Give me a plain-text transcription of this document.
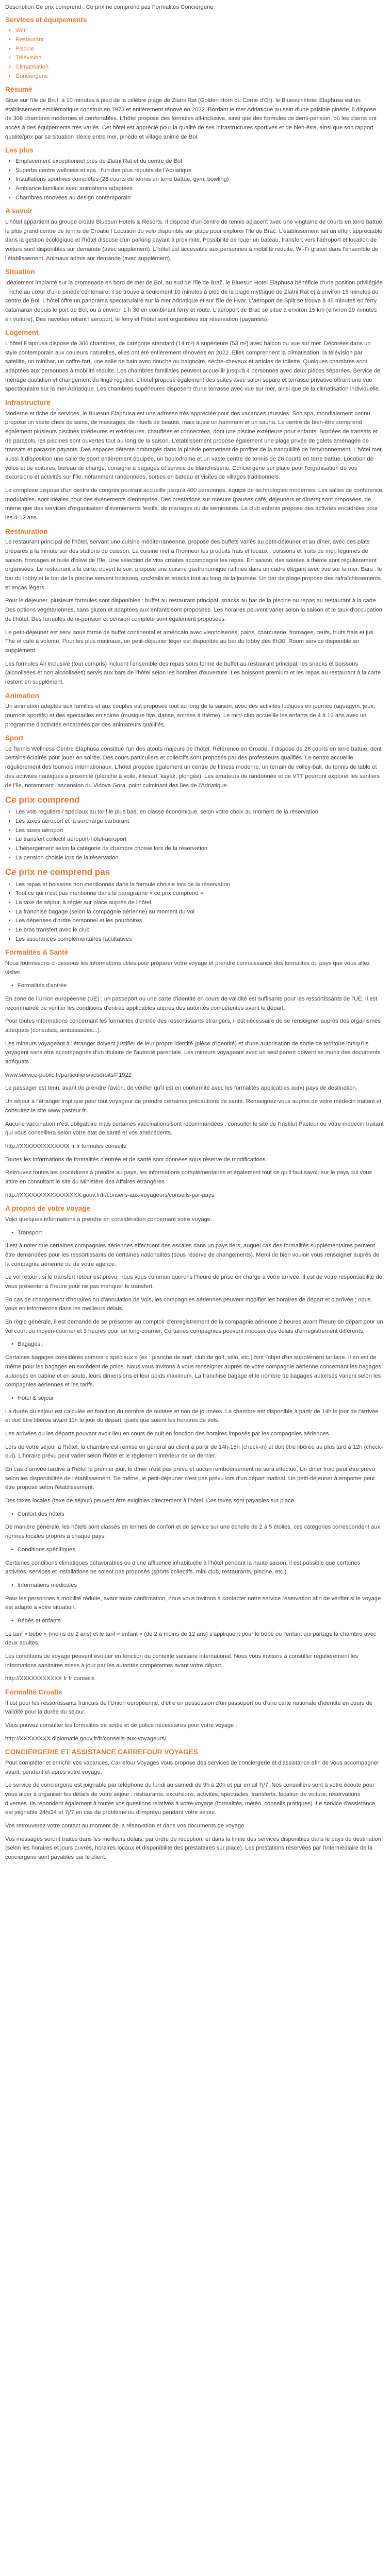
Description Ce prix comprend : Ce prix ne comprend pas Formalités Conciergerie

Services et équipements
• Wifi
• Restaurant
• Piscine
• Télévision
• Climatisation
• Conciergerie
Résumé

Situé sur l'île de Bruf, à 10 minutes à pied de la célèbre plage de Zlatni Rat (Golden Horn ou Corne d'Or), le Bluesun Hotel Elaphusa est un établissement emblématique construit en 1973 et entièrement rénové en 2022. Bordant le mer Adriatique au sein d'une paisible pinède, il dispose de 306 chambres modernes et confortables. L'hôtel propose des formules all-inclusive, ainsi que des formules de demi-pension, où les clients ont accès à des équipements très variés. Cet hôtel est apprécié pour la qualité de ses infrastructures sportives et de bien-être, ainsi que son rapport qualité/prix par sa situation idéale entre mer, pinède et village animé de Bol.

Les plus
• Emplacement exceptionnel près de Zlatni Rat et du centre de Bol
• Superbe centre wellness et spa : l'un des plus réputés de l'Adriatique
• Installations sportives complètes (26 courts de tennis en terre battue, gym, bowling)
• Ambiance familiale avec animations adaptées
• Chambres rénovées au design contemporain
A savoir

L'hôtel appartient au groupe croate Bluesun Hotels & Resorts. Il dispose d'un centre de tennis adjacent avec une vingtaine de courts en terre battue, le plus grand centre de tennis de Croatie ! Location du vélo disponible sur place pour explorer l'île de Brač. L'établissement fait un effort appréciable dans la gestion écologique et l'hôtel dispose d'un parking payant à proximité. Possibilité de louer un bateau, transfert vers l'aéroport et location de voiture sont disponibles sur demande (avec supplément). L'hôtel est accessible aux personnes à mobilité réduite. Wi-Fi gratuit dans l'ensemble de l'établissement. Animaux admis sur demande (avec supplément).

Situation

Idéalement implanté sur la promenade en bord de mer de Bol, au sud de l'île de Brač, le Bluesun Hotel Elaphusa bénéficie d'une position privilégiée : niché au cœur d'une pinède centenaire, il se trouve à seulement 10 minutes à pied de la plage mythique de Zlatni Rat et à environ 15 minutes du centre de Bol. L'hôtel offre un panorama spectaculaire sur la mer Adriatique et sur l'île de Hvar. L'aéroport de Split se trouve à 45 minutes en ferry catamaran depuis le port de Bol, ou à environ 1 h 30 en combinant ferry et route. L'aéroport de Brač se situe à environ 15 km (environ 20 minutes en voiture). Des navettes reliant l'aéroport, le ferry et l'hôtel sont organisées sur réservation (payantes).

Logement

L'hôtel Elaphusa dispose de 306 chambres, de catégorie standard (14 m²) à supérieure (53 m²) avec balcon ou vue sur mer. Décorées dans un style contemporain aux couleurs naturelles, elles ont été entièrement rénovées en 2022. Elles comprennent la climatisation, la télévision par satellite, un minibar, un coffre-fort, une salle de bain avec douche ou baignoire, sèche-cheveux et articles de toilette. Quelques chambres sont adaptées aux personnes à mobilité réduite. Les chambres familiales peuvent accueillir jusqu'à 4 personnes avec deux pièces séparées. Service de ménage quotidien et changement du linge régulier. L'hôtel propose également des suites avec salon séparé et terrasse privative offrant une vue spectaculaire sur la mer Adriatique. Les chambres supérieures disposent d'une terrasse avec vue sur mer, ainsi que de la climatisation individuelle.

Infrastructure

Moderne et riche de services, le Bluesun Elaphusa est une adresse très appréciée pour des vacances réussies. Son spa, mondialement connu, propose un vaste choix de soins, de massages, de rituels de beauté, mais aussi un hammam et un sauna. Le centre de bien-être comprend également plusieurs piscines intérieures et extérieures, chauffées et connectées, dont une piscine extérieure pour enfants. Bordées de transats et de parasols, les piscines sont ouvertes tout au long de la saison. L'établissement propose également une plage privée de galets aménagée de transats et parasols payants. Des espaces détente ombragés dans la pinède permettent de profiter de la tranquillité de l'environnement. L'hôtel met aussi à disposition une salle de sport entièrement équipée, un boulodrome et un vaste centre de tennis de 26 courts en terre battue. Location de vélos et de voitures, bureau de change, consigne à bagages et service de blanchisserie. Conciergerie sur place pour l'organisation de vos excursions et activités sur l'île, notamment randonnées, sorties en bateau et visites de villages traditionnels.

Le complexe dispose d'un centre de congrès pouvant accueillir jusqu'à 400 personnes, équipé de technologies modernes. Les salles de conférence, modulables, sont idéales pour des événements d'entreprise. Des prestations sur mesure (pauses café, déjeuners et dîners) sont proposées, de même que des services d'organisation d'événements festifs, de mariages ou de séminaires. Le club enfants propose des activités encadrées pour les 4-12 ans.

Restauration

Le restaurant principal de l'hôtel, servant une cuisine méditerranéenne, propose des buffets variés au petit-déjeuner et au dîner, avec des plats préparés à la minute sur des stations de cuisson. La cuisine met à l'honneur les produits frais et locaux : poissons et fruits de mer, légumes de saison, fromages et huile d'olive de l'île. Une sélection de vins croates accompagne les repas. En saison, des soirées à thème sont régulièrement organisées. Le restaurant à la carte, ouvert le soir, propose une cuisine gastronomique raffinée dans un cadre élégant avec vue sur la mer. Bars : le bar du lobby et le bar de la piscine servent boissons, cocktails et snacks tout au long de la journée. Un bar de plage propose des rafraîchissements et encas légers.

Pour le déjeuner, plusieurs formules sont disponibles : buffet au restaurant principal, snacks au bar de la piscine ou repas au restaurant à la carte. Des options végétariennes, sans gluten et adaptées aux enfants sont proposées. Les horaires peuvent varier selon la saison et le taux d'occupation de l'hôtel. Des formules demi-pension et pension complète sont également proposées.

Le petit-déjeuner est servi sous forme de buffet continental et américain avec viennoiseries, pains, charcuterie, fromages, œufs, fruits frais et jus. Thé et café à volonté. Pour les plus matinaux, un petit-déjeuner léger est disponible au bar du lobby dès 6h30. Room service disponible en supplément.

Les formules All Inclusive (tout compris) incluent l'ensemble des repas sous forme de buffet au restaurant principal, les snacks et boissons (alcoolisées et non alcoolisées) servis aux bars de l'hôtel selon les horaires d'ouverture. Les boissons premium et les repas au restaurant à la carte restent en supplément.

Animation

Un animation adaptée aux familles et aux couples est proposée tout au long de la saison, avec des activités ludiques en journée (aquagym, jeux, tournois sportifs) et des spectacles en soirée (musique live, danse, soirées à thème). Le mini-club accueille les enfants de 4 à 12 ans avec un programme d'activités encadrées par des animateurs qualifiés.

Sport

Le Tennis Wellness Centre Elaphusa constitue l'un des atouts majeurs de l'hôtel. Référence en Croatie, il dispose de 26 courts en terre battue, dont certains éclairés pour jouer en soirée. Des cours particuliers et collectifs sont proposés par des professeurs qualifiés. Le centre accueille régulièrement des tournois internationaux. L'hôtel propose également un centre de fitness moderne, un terrain de volley-ball, du tennis de table et des activités nautiques à proximité (planche à voile, kitesurf, kayak, plongée). Les amateurs de randonnée et de VTT pourront explorer les sentiers de l'île, notamment l'ascension du Vidova Gora, point culminant des îles de l'Adriatique.

Ce prix comprend
• Les vols réguliers / spéciaux au tarif le plus bas, en classe économique, selon votre choix au moment de la réservation
• Les taxes aéroport et la surcharge carburant
• Les taxes aéroport
• Le transfert collectif aéroport-hôtel-aéroport
• L'hébergement selon la catégorie de chambre choisie lors de la réservation
• La pension choisie lors de la réservation
Ce prix ne comprend pas
• Les repas et boissons non mentionnés dans la formule choisie lors de la réservation
• Tout ce qui n'est pas mentionné dans le paragraphe « ce prix comprend »
• La taxe de séjour, à régler sur place auprès de l'hôtel
• La franchise bagage (selon la compagnie aérienne) au moment du vol
• Les dépenses d'ordre personnel et les pourboires
• Le bras transfert avec le club
• Les assurances complémentaires facultatives
Formalités & Santé

Nous fournissons ci-dessous les informations utiles pour préparer votre voyage et prendre connaissance des formalités du pays que vous allez visiter.

• Formalités d'entrée

En zone de l'Union européenne (UE) : un passeport ou une carte d'identité en cours de validité est suffisante pour les ressortissants de l'UE. Il est recommandé de vérifier les conditions d'entrée applicables auprès des autorités compétentes avant le départ.

Pour toutes informations concernant les formalités d'entrée des ressortissants étrangers, il est nécessaire de se renseigner auprès des organismes adéquats (consulats, ambassades...).

Les mineurs voyageant à l'étranger doivent justifier de leur propre identité (pièce d'identité) et d'une autorisation de sortie de territoire lorsqu'ils voyagent sans être accompagnés d'un titulaire de l'autorité parentale. Les mineurs voyageant avec un seul parent doivent se munir des documents adéquats.

www.service-public.fr/particuliers/vosdroits/F1922

Le passager est tenu, avant de prendre l'avion, de vérifier qu'il est en conformité avec les formalités applicables au(x) pays de destination.

Un séjour à l'étranger implique pour tout voyageur de prendre certaines précautions de santé. Renseignez-vous auprès de votre médecin traitant et consultez le site www.pasteur.fr.

Aucune vaccination n'est obligatoire mais certaines vaccinations sont recommandées ; consulter le site de l'Institut Pasteur ou votre médecin traitant qui vous conseillera selon votre état de santé et vos antécédents.

http://XXXXXXXXXXXXX fr fr formules conseils

Toutes les informations de formalités d'entrée et de santé sont données sous réserve de modifications.

Retrouvez toutes les procédures à prendre au pays, les informations complémentaires et également tout ce qu'il faut savoir sur le pays qui vous attire en consultant le site du Ministère des Affaires étrangères :

http://XXXXXXXXXXXXXXXX.gouv.fr/fr/conseils-aux-voyageurs/conseils-par-pays

A propos de votre voyage

Voici quelques informations à prendre en considération concernant votre voyage.

• Transport

Il est à noter que certaines compagnies aériennes effectuent des escales dans un pays tiers, auquel cas des formalités supplémentaires peuvent être demandées pour les ressortissants de certaines nationalités (sous réserve de changements). Merci de bien vouloir vous renseigner auprès de la compagnie aérienne ou de votre agence.

Le vol retour : si le transfert retour est prévu, nous vous communiquerons l'heure de prise en charge à votre arrivée. Il est de votre responsabilité de vous présenter à l'heure pour ne pas manquer le transfert.

En cas de changement d'horaires ou d'annulation de vols, les compagnies aériennes peuvent modifier les horaires de départ et d'arrivée ; nous vous en informerons dans les meilleurs délais.

En règle générale, il est demandé de se présenter au comptoir d'enregistrement de la compagnie aérienne 2 heures avant l'heure de départ pour un vol court ou moyen-courrier et 3 heures pour un long-courrier. Certaines compagnies peuvent imposer des délais d'enregistrement différents.

• Bagages :

Certaines bagages considérés comme « spéciaux » (ex : planche de surf, club de golf, vélo, etc.) font l'objet d'un supplément tarifaire. Il en est de même pour les bagages en excédent de poids. Nous vous invitons à vous renseigner auprès de votre compagnie aérienne concernant les bagages autorisés en cabine et en soute, leurs dimensions et leur poids maximum. La franchise bagage et le nombre de bagages autorisés varient selon les compagnies aériennes et les tarifs.

• Hôtel & séjour

La durée du séjour est calculée en fonction du nombre de nuitées et non de journées. La chambre est disponible à partir de 14h le jour de l'arrivée et doit être libérée avant 11h le jour du départ, quels que soient les horaires de vols.

Les arrivées ou les départs pouvant avoir lieu en cours de nuit en fonction des horaires imposés par les compagnies aériennes.

Lors de votre séjour à l'hôtel, la chambre est remise en général au client à partir de 14h-15h (check-in) et doit être libérée au plus tard à 12h (check-out). L'horaire prévu peut varier selon l'hôtel et le règlement intérieur de ce dernier.

En cas d'arrivée tardive à l'hôtel le premier jour, le dîner n'est pas prévu et aucun remboursement ne sera effectué. Un dîner froid peut être prévu selon les disponibilités de l'établissement. De même, le petit-déjeuner n'est pas prévu lors d'un départ matinal. Un petit-déjeuner à emporter peut être proposé selon l'établissement.

Des taxes locales (taxe de séjour) peuvent être exigibles directement à l'hôtel. Ces taxes sont payables sur place.

• Confort des hôtels

De manière générale, les hôtels sont classés en termes de confort et de service sur une échelle de 2 à 5 étoiles, ces catégories correspondent aux normes locales propres à chaque pays.

• Conditions spécifiques

Certaines conditions climatiques défavorables ou d'une affluence inhabituelle à l'hôtel pendant la haute saison, il est possible que certaines activités, services et installations ne soient pas proposés (sports collectifs, mini club, restaurants, piscine, etc.).

• Informations médicales

Pour les personnes à mobilité réduite, avant toute confirmation, nous vous invitons à contacter notre service réservation afin de vérifier si le voyage est adapté à votre situation.

• Bébés et enfants

Le tarif « bébé » (moins de 2 ans) et le tarif « enfant » (de 2 à moins de 12 ans) s'appliquent pour le bébé ou l'enfant qui partage la chambre avec deux adultes.

Les conditions de voyage peuvent évoluer en fonction du contexte sanitaire international. Nous vous invitons à consulter régulièrement les informations sanitaires mises à jour par les autorités compétentes avant votre départ.

http://XXXXXXXXXXX fr fr conseils

Formalité Croatie

Il est pour les ressortissants français de l'Union européenne, d'être en possession d'un passeport ou d'une carte nationale d'identité en cours de validité pour la durée du séjour.

Vous pouvez consulter les formalités de sortie et de police nécessaires pour votre voyage :

http://XXXXXXXX.diplomatie.gouv.fr/fr/conseils-aux-voyageurs/

CONCIERGERIE ET ASSISTANCE CARREFOUR VOYAGES

Pour compléter et enrichir vos vacances, Carrefour Voyages vous propose des services de conciergerie et d'assistance afin de vous accompagner avant, pendant et après votre voyage.

Le service de conciergerie est joignable par téléphone du lundi au samedi de 9h à 20h et par email 7j/7. Nos conseillers sont à votre écoute pour vous aider à organiser les détails de votre séjour : restaurants, excursions, activités, spectacles, transferts, location de voiture, réservations diverses. Ils répondent également à toutes vos questions relatives à votre voyage (formalités, météo, conseils pratiques). Le service d'assistance est joignable 24h/24 et 7j/7 en cas de problème ou d'imprévu pendant votre séjour.

Vos retrouverez votre contact au moment de la réservation et dans vos documents de voyage.

Vos messages seront traités dans les meilleurs délais, par ordre de réception, et dans la limite des services disponibles dans le pays de destination (selon les horaires et jours ouvrés, horaires locaux et disponibilité des prestataires sur place). Les prestations réservées par l'intermédiaire de la conciergerie sont payables par le client.
